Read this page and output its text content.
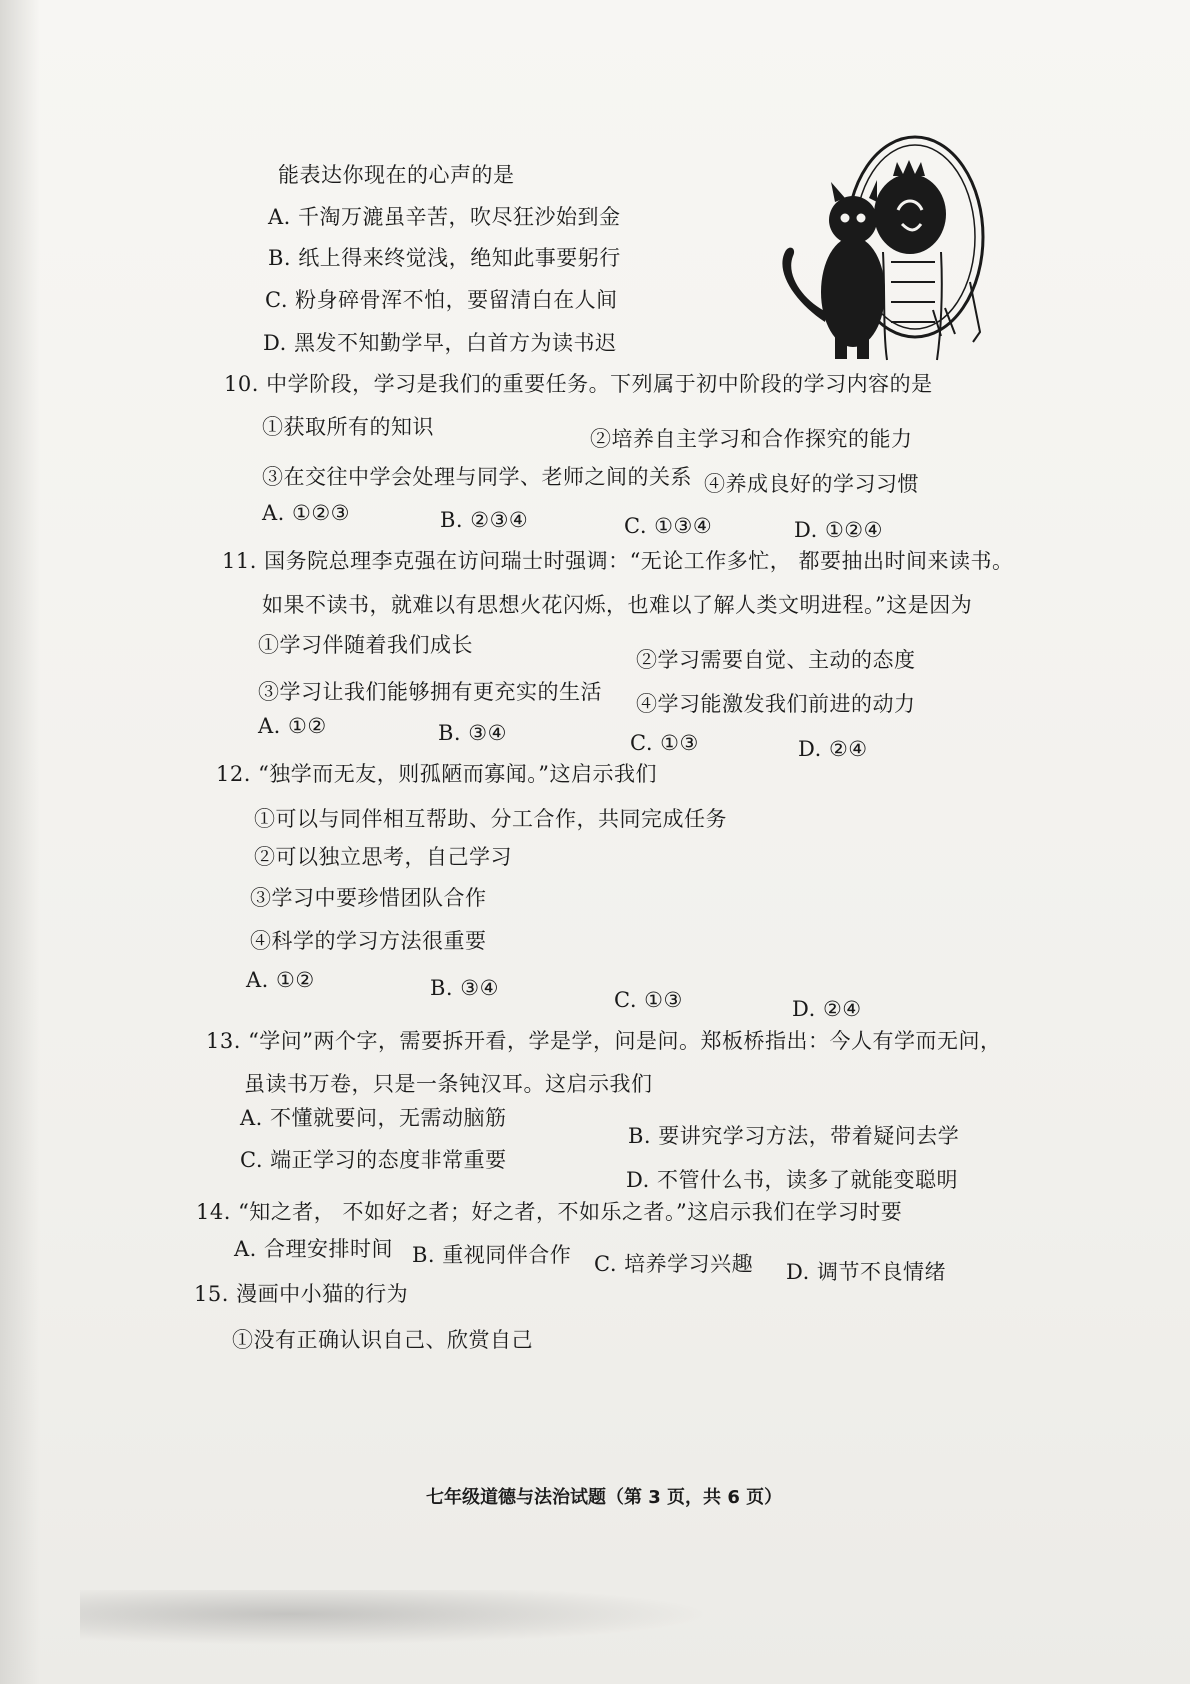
能表达你现在的心声的是
A. 千淘万漉虽辛苦，吹尽狂沙始到金
B. 纸上得来终觉浅，绝知此事要躬行
C. 粉身碎骨浑不怕，要留清白在人间
D. 黑发不知勤学早，白首方为读书迟
10. 中学阶段，学习是我们的重要任务。下列属于初中阶段的学习内容的是
①获取所有的知识	②培养自主学习和合作探究的能力
③在交往中学会处理与同学、老师之间的关系 ④养成良好的学习习惯
A. ①②③	B. ②③④	C. ①③④	D. ①②④
11. 国务院总理李克强在访问瑞士时强调：“无论工作多忙， 都要抽出时间来读书。
如果不读书，就难以有思想火花闪烁，也难以了解人类文明进程。”这是因为
①学习伴随着我们成长
②学习需要自觉、主动的态度
③学习让我们能够拥有更充实的生活 ④学习能激发我们前进的动力
A. ①②	B. ③④	C. ①③	D. ②④
12. “独学而无友，则孤陋而寡闻。”这启示我们
①可以与同伴相互帮助、分工合作，共同完成任务
②可以独立思考，自己学习
③学习中要珍惜团队合作
④科学的学习方法很重要
A. ①②	B. ③④	C. ①③	D. ②④
13. “学问”两个字，需要拆开看，学是学，问是问。郑板桥指出：今人有学而无问，
虽读书万卷，只是一条钝汉耳。这启示我们
A. 不懂就要问，无需动脑筋
B. 要讲究学习方法，带着疑问去学
C. 端正学习的态度非常重要
D. 不管什么书，读多了就能变聪明
14. “知之者， 不如好之者；好之者，不如乐之者。”这启示我们在学习时要
A. 合理安排时间 B. 重视同伴合作 C. 培养学习兴趣 D. 调节不良情绪
15. 漫画中小猫的行为
①没有正确认识自己、欣赏自己
七年级道德与法治试题（第 3 页，共 6 页）
